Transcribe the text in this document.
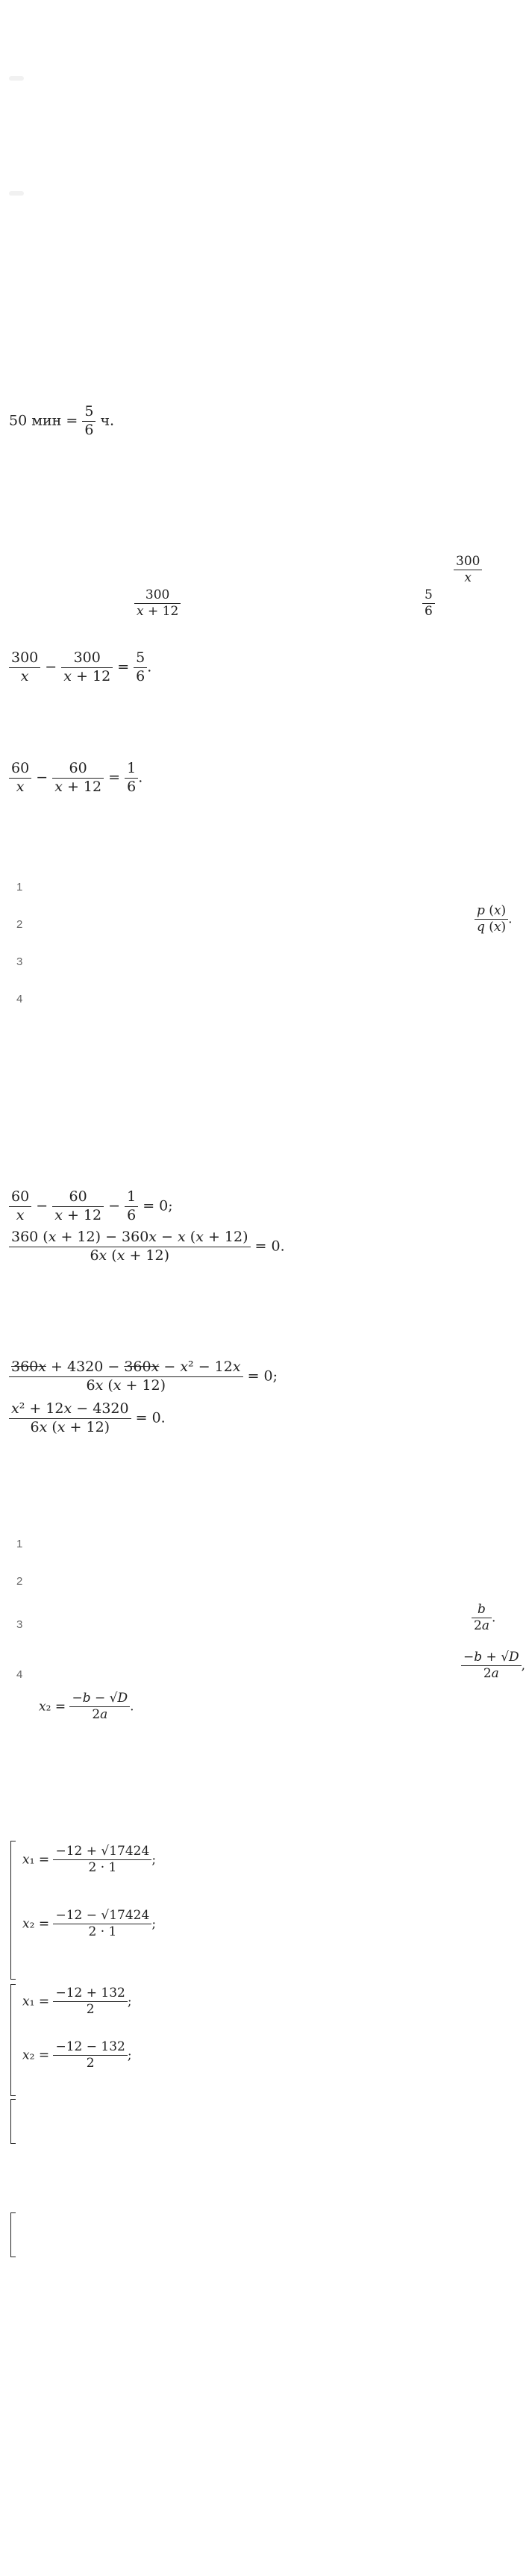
50 мин = $\frac{5}{6} ч$.
$\frac{300}{x}$
$\frac{300}{x + 12}$	$\frac{5}{6}$
$\frac{300}{x} - \frac{300}{x + 12} = \frac{5}{6}$ .
$\frac{60}{x} - \frac{60}{x + 12} = \frac{1}{6}$ .
1
2	$\frac{p (x)}{q (x)}$ .
3
4
$\frac{60}{x} - \frac{60}{x + 12} - \frac{1}{6} = 0$;
$\frac{360 (x + 12) - 360x - x (x + 12)}{6x (x + 12)} = 0$.
$\frac{\text{360x + 4320 − 360x − x² − 12x}}{6x (x + 12)} = 0$;
$\frac{\text{x² + 12x − 4320}}{6x (x + 12)} = 0$.
1
2
3	$\frac{b}{2a}$ .
4	$\frac{-b + √D}{2a}$ ,
$x_2 = \frac{-b - √D}{2a}$ .
$x_1 = \frac{-12 + √17424}{2 \cdot 1}$ ;
$x_2 = \frac{-12 - √17424}{2 \cdot 1}$ ;
$x_1 = \frac{-12 + 132}{2}$ ;
$x_2 = \frac{-12 - 132}{2}$ ;
